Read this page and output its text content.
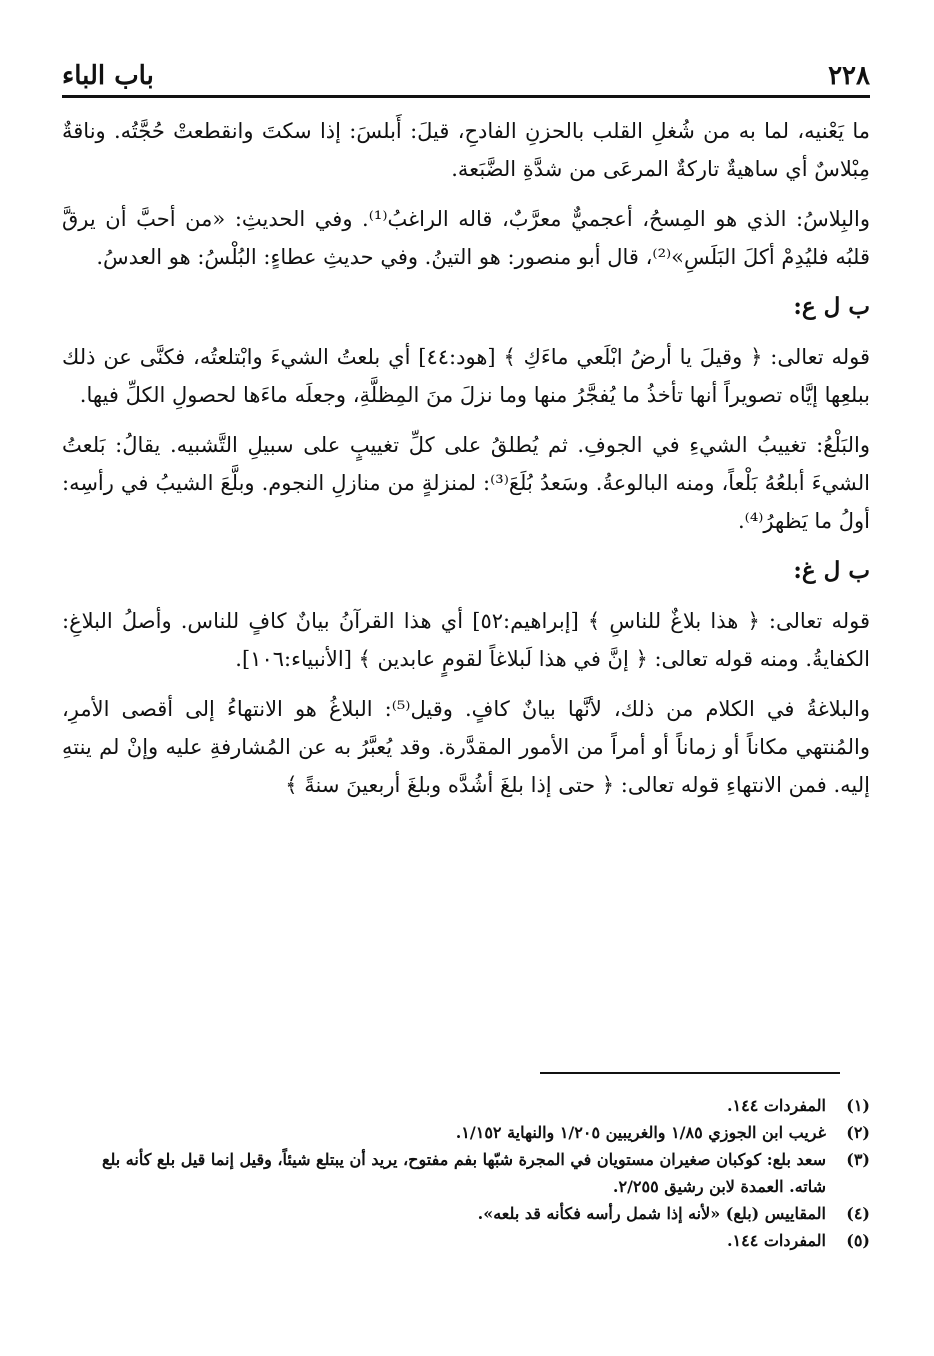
٢٢٨
باب الباء

ما يَعْنيه، لما به من شُغلِ القلب بالحزنِ الفادحِ، قيلَ: أَبلسَ: إذا سكتَ وانقطعتْ حُجَّتُه. وناقةٌ مِبْلاسٌ أي ساهيةٌ تاركةٌ المرعَى من شدَّةِ الضَّبَعة.

والبِلاسُ: الذي هو المِسحُ، أعجميٌّ معرَّبٌ، قاله الراغبُ⁽¹⁾. وفي الحديثِ: «من أحبَّ أن يرقَّ قلبُه فليُدِمْ أكلَ البَلَسِ»⁽²⁾، قال أبو منصور: هو التينُ. وفي حديثِ عطاءٍ: البُلْسُ: هو العدسُ.

ب ل ع:

قوله تعالى: ﴿ وقيلَ يا أرضُ ابْلَعي ماءَكِ ﴾ [هود:٤٤] أي بلعتُ الشيءَ وابْتلعتُه، فكنَّى عن ذلك ببلعِها إيَّاه تصويراً أنها تأخذُ ما يُفجَّرُ منها وما نزلَ منَ المِظلَّةِ، وجعلَه ماءَها لحصولِ الكلِّ فيها.

والبَلْعُ: تغييبُ الشيءِ في الجوفِ. ثم يُطلقُ على كلِّ تغييبٍ على سبيلِ التَّشبيه. يقالُ: بَلعتُ الشيءَ أبلعُهُ بَلْعاً، ومنه البالوعةُ. وسَعدُ بُلَعَ⁽³⁾: لمنزلةٍ من منازلِ النجوم. وبلَّعَ الشيبُ في رأسِه: أولُ ما يَظهرُ⁽⁴⁾.

ب ل غ:

قوله تعالى: ﴿ هذا بلاغٌ للناسِ ﴾ [إبراهيم:٥٢] أي هذا القرآنُ بيانٌ كافٍ للناس. وأصلُ البلاغِ: الكفايةُ. ومنه قوله تعالى: ﴿ إنَّ في هذا لَبلاغاً لقومٍ عابدين ﴾ [الأنبياء:١٠٦].

والبلاغةُ في الكلام من ذلك، لأنَّها بيانٌ كافٍ. وقيل⁽⁵⁾: البلاغُ هو الانتهاءُ إلى أقصى الأمرِ، والمُنتهي مكاناً أو زماناً أو أمراً من الأمور المقدَّرة. وقد يُعبَّرُ به عن المُشارفةِ عليه وإنْ لم ينتهِ إليه. فمن الانتهاءِ قوله تعالى: ﴿ حتى إذا بلغَ أشُدَّه وبلغَ أربعينَ سنةً ﴾

(١)
المفردات ١٤٤.
(٢)
غريب ابن الجوزي ١/٨٥ والغريبين ١/٢٠٥ والنهاية ١/١٥٢.
(٣)
سعد بلع: كوكبان صغيران مستويان في المجرة شبّها بفم مفتوح، يريد أن يبتلع شيئاً، وقيل إنما قيل بلع كأنه بلع شاته. العمدة لابن رشيق ٢/٢٥٥.
(٤)
المقاييس (بلع) «لأنه إذا شمل رأسه فكأنه قد بلعه».
(٥)
المفردات ١٤٤.
